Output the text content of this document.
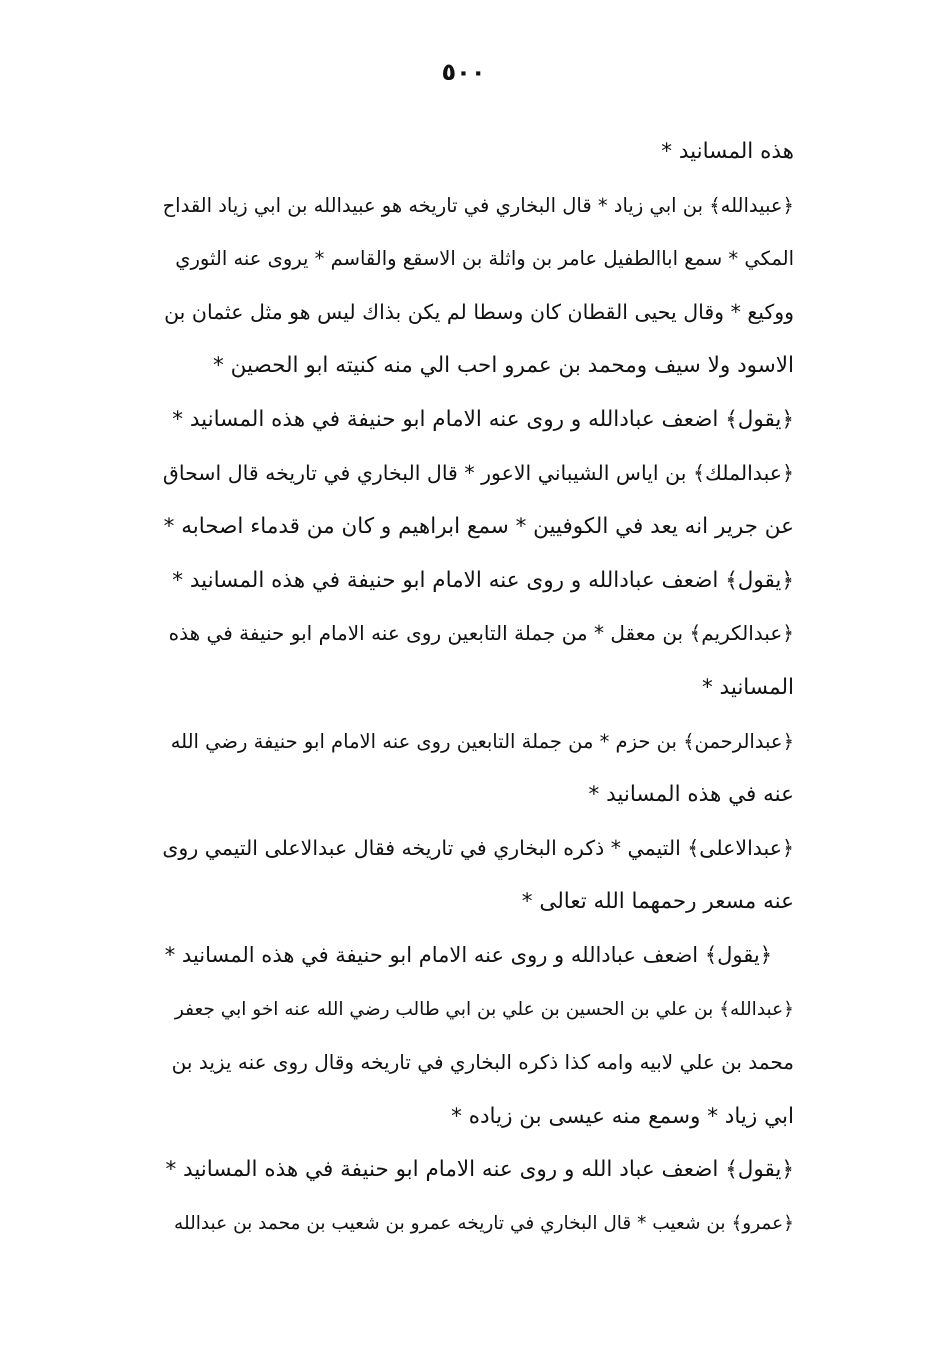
٥٠٠
هذه المسانيد *
﴿عبيدالله﴾ بن ابي زياد * قال البخاري في تاريخه هو عبيدالله بن ابي زياد القداح
المكي * سمع اباالطفيل عامر بن واثلة بن الاسقع والقاسم * يروى عنه الثوري
ووكيع * وقال يحيى القطان كان وسطا لم يكن بذاك ليس هو مثل عثمان بن
الاسود ولا سيف ومحمد بن عمرو احب الي منه كنيته ابو الحصين *
﴿يقول﴾ اضعف عبادالله و روى عنه الامام ابو حنيفة في هذه المسانيد *
﴿عبدالملك﴾ بن اياس الشيباني الاعور * قال البخاري في تاريخه قال اسحاق
عن جرير انه يعد في الكوفيين * سمع ابراهيم و كان من قدماء اصحابه *
﴿يقول﴾ اضعف عبادالله و روى عنه الامام ابو حنيفة في هذه المسانيد *
﴿عبدالكريم﴾ بن معقل * من جملة التابعين روى عنه الامام ابو حنيفة في هذه
المسانيد *
﴿عبدالرحمن﴾ بن حزم * من جملة التابعين روى عنه الامام ابو حنيفة رضي الله
عنه في هذه المسانيد *
﴿عبدالاعلى﴾ التيمي * ذكره البخاري في تاريخه فقال عبدالاعلى التيمي روى
عنه مسعر رحمهما الله تعالى *
﴿يقول﴾ اضعف عبادالله و روى عنه الامام ابو حنيفة في هذه المسانيد *
﴿عبدالله﴾ بن علي بن الحسين بن علي بن ابي طالب رضي الله عنه اخو ابي جعفر
محمد بن علي لابيه وامه كذا ذكره البخاري في تاريخه وقال روى عنه يزيد بن
ابي زياد * وسمع منه عيسى بن زياده *
﴿يقول﴾ اضعف عباد الله و روى عنه الامام ابو حنيفة في هذه المسانيد *
﴿عمرو﴾ بن شعيب * قال البخاري في تاريخه عمرو بن شعيب بن محمد بن عبدالله
